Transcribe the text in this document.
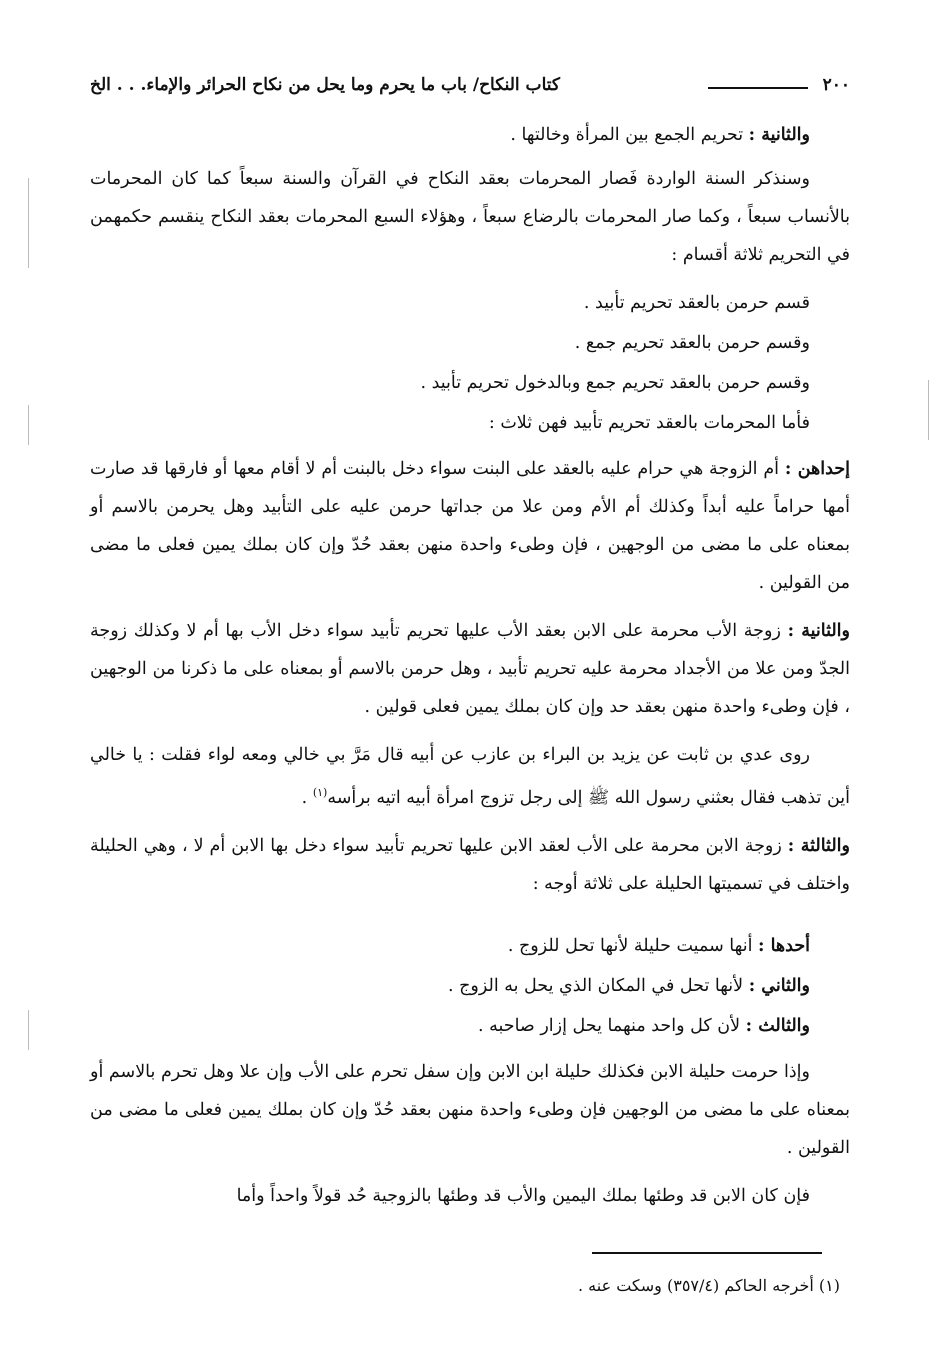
٢٠٠
كتاب النكاح/ باب ما يحرم وما يحل من نكاح الحرائر والإماء. . . الخ

والثانية : تحريم الجمع بين المرأة وخالتها .

وسنذكر السنة الواردة فَصار المحرمات بعقد النكاح في القرآن والسنة سبعاً كما كان المحرمات بالأنساب سبعاً ، وكما صار المحرمات بالرضاع سبعاً ، وهؤلاء السبع المحرمات بعقد النكاح ينقسم حكمهمن في التحريم ثلاثة أقسام :

قسم حرمن بالعقد تحريم تأبيد .

وقسم حرمن بالعقد تحريم جمع .

وقسم حرمن بالعقد تحريم جمع وبالدخول تحريم تأبيد .

فأما المحرمات بالعقد تحريم تأبيد فهن ثلاث :

إحداهن : أم الزوجة هي حرام عليه بالعقد على البنت سواء دخل بالبنت أم لا أقام معها أو فارقها قد صارت أمها حراماً عليه أبداً وكذلك أم الأم ومن علا من جداتها حرمن عليه على التأبيد وهل يحرمن بالاسم أو بمعناه على ما مضى من الوجهين ، فإن وطىء واحدة منهن بعقد حُدّ وإن كان بملك يمين فعلى ما مضى من القولين .

والثانية : زوجة الأب محرمة على الابن بعقد الأب عليها تحريم تأبيد سواء دخل الأب بها أم لا وكذلك زوجة الجدّ ومن علا من الأجداد محرمة عليه تحريم تأبيد ، وهل حرمن بالاسم أو بمعناه على ما ذكرنا من الوجهين ، فإن وطىء واحدة منهن بعقد حد وإن كان بملك يمين فعلى قولين .

روى عدي بن ثابت عن يزيد بن البراء بن عازب عن أبيه قال مَرَّ بي خالي ومعه لواء فقلت : يا خالي أين تذهب فقال بعثني رسول الله ﷺ إلى رجل تزوج امرأة أبيه اتيه برأسه$^{(١)}$ .

والثالثة : زوجة الابن محرمة على الأب لعقد الابن عليها تحريم تأبيد سواء دخل بها الابن أم لا ، وهي الحليلة واختلف في تسميتها الحليلة على ثلاثة أوجه :

أحدها : أنها سميت حليلة لأنها تحل للزوج .

والثاني : لأنها تحل في المكان الذي يحل به الزوج .

والثالث : لأن كل واحد منهما يحل إزار صاحبه .

وإذا حرمت حليلة الابن فكذلك حليلة ابن الابن وإن سفل تحرم على الأب وإن علا وهل تحرم بالاسم أو بمعناه على ما مضى من الوجهين فإن وطىء واحدة منهن بعقد حُدّ وإن كان بملك يمين فعلى ما مضى من القولين .

فإن كان الابن قد وطئها بملك اليمين والأب قد وطئها بالزوجية حُد قولاً واحداً وأما

(١) أخرجه الحاكم (٣٥٧/٤) وسكت عنه .
